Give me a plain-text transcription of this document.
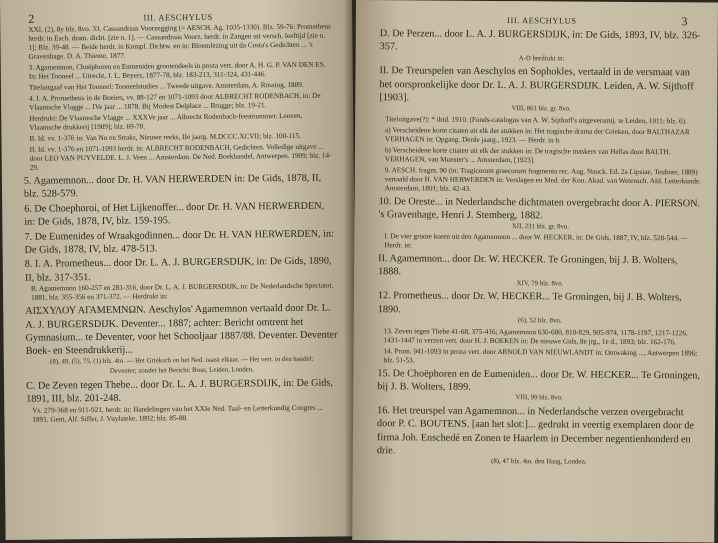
2	III. AESCHYLUS

XXI, (2), 8y blz. 8vo. 33. Cassandraas Voorzegging (= AESCH. Ag. 1035-1330). Blz. 59-76: Prometheus herdr. in Esch. dram. dicht. [zie n. 1]. — Cassandraas Voorz. herdr. in Zangen uit versch. leeftijd [zie n. 1]; Blz. 39-48. — Beide herdr. in Kompl. Dichtw. en in: Bloemlezing uit da Costa's Gedichten ... 's Gravenhage. D. A. Thieme, 1877.

3. Agamemnon, Choëphoren en Eumeniden grootendeels in proza vert. door A. H. G. P. VAN DEN ES. In: Het Tooneel ... Utrecht, J. L. Beyers, 1877-78, blz. 183-213, 311-324, 431-446.

Titeluitgaaf van Het Tooneel: Tooneelstudies ... Tweede uitgave. Amsterdam, A. Rössing, 1889.

4. I. A. Prometheus in de Boeien, vv. 88-127 en 1071-1093 door ALBRECHT RODENBACH, in: De Vlaamsche Vlagge ... IVe jaar ... 1878. Bij Modest Delplace ... Brugge; blz. 19-21.

Herdrukt: De Vlaamsche Vlagge ... XXXVe jaar ... Albrecht Rodenbach-feestnummer. Leuven, Vlaamsche drukkerij [1909]; blz. 69-70.

B. Id. vv. 1-376 in: Van Nu en Straks, Nieuwe reeks, IIe jaarg. M.DCCC.XCVII; blz. 100-115.

II. Id. vv. 1-376 en 1071-1093 herdr. in: ALBRECHT RODENBACH, Gedichten. Volledige uitgave ... door LEO VAN PUYVELDE. L. J. Veen ... Amsterdam. De Ned. Boekhandel, Antwerpen. 1909; blz. 14-29.

5. Agamemnon... door Dr. H. VAN HERWERDEN in: De Gids, 1878, II, blz. 528-579.

6. De Choephoroi, of Het Lijkenoffer... door Dr. H. VAN HERWERDEN, in: De Gids, 1878, IV, blz. 159-195.

7. De Eumenides of Wraakgodinnen... door Dr. H. VAN HERWERDEN, in: De Gids, 1878, IV, blz. 478-513.

8. I. A. Prometheus... door Dr. L. A. J. BURGERSDIJK, in: De Gids, 1890, II, blz. 317-351.

B. Agamemnon 160-257 en 281-316, door Dr. L. A. J. BURGERSDIJK, in: De Nederlandsche Spectator, 1881, blz. 355-356 en 371-372. — Herdrukt in:

ΑΙΣΧΥΛΟΥ ΑΓΑΜΕΜΝΩΝ. Aeschylos' Agamemnon vertaald door Dr. L. A. J. BURGERSDIJK. Deventer... 1887; achter: Bericht omtrent het Gymnasium... te Deventer, voor het Schooljaar 1887/88. Deventer. Deventer Boek- en Steendrukkerij...

(8), 49, (5), 75, (1) blz. 4to. — Het Grieksch en het Ned. naast elkaar. — Het vert. in den handel:

Deventer; zonder het Bericht: Boas, Leiden, Londen.

C. De Zeven tegen Thebe... door Dr. L. A. J. BURGERSDIJK, in: De Gids, 1891, III, blz. 201-248.

Vs. 279-368 en 911-921, herdr. in: Handelingen van het XXIe Ned. Taal- en Letterkundig Congres ... 1891. Gent, Alf. Siffer, J. Vuylsteke, 1892; blz. 85-88.

III. AESCHYLUS	3

D. De Perzen... door L. A. J. BURGERSDIJK, in: De Gids, 1893, IV, blz. 326-357.

A-D herdrukt in:

II. De Treurspelen van Aeschylos en Sophokles, vertaald in de versmaat van het oorspronkelijke door Dr. L. A. J. BURGERSDIJK. Leiden, A. W. Sijthoff [1903].

VIII, 861 blz. gr. 8vo.

Titeluitgave(?): * ibid. 1910. (Fonds-catalogus van A. W. Sijthoff's uitgeversmij. te Leiden, 1911; blz. 6).

a) Verscheidene korte citaten uit elk der stukken in: Het tragische drama der Grieken, door BALTHAZAR VERHAGEN in: Opgang. Derde jaarg., 1923. — Herdr. in b.

b) Verscheidene korte citaten uit elk der stukken in: De tragische maskers van Hellas door BALTH. VERHAGEN, van Munster's ... Amsterdam, [1923].

9. AESCH. fragm. 90 (in: Tragicorum graecorum fragmenta rec. Aug. Nauck. Ed. 2a Lipsiae, Teubner, 1889) vertaald door H. VAN HERWERDEN in: Verslagen en Med. der Kon. Akad. van Wetensch. Afd. Letterkunde. Amsterdam, 1891; blz. 42-43.

10. De Oreste... in Nederlandsche dichtmaten overgebracht door A. PIERSON. 's Gravenhage, Henri J. Stemberg, 1882.

XII, 231 blz. gr. 8vo.

I. De vier groote koren uit den Agamemnon ... door W. HECKER, in: De Gids, 1887, IV, blz. 528-544. — Herdr. in:

II. Agamemnon... door Dr. W. HECKER. Te Groningen, bij J. B. Wolters, 1888.

XIV, 79 blz. 8vo.

12. Prometheus... door Dr. W. HECKER... Te Groningen, bij J. B. Wolters, 1890.

(6), 52 blz. 8vo.

13. Zeven tegen Thebe 41-68, 375-416; Agamemnon 630-680, 810-829, 905-974, 1178-1197, 1217-1226, 1431-1447 in verzen vert. door H. J. BOEKEN in: De nieuwe Gids, 8e jrg., 1e d., 1893; blz. 162-176.

14. Prom. 941-1093 in proza vert. door ARNOLD VAN NIEUWLANDT in: Ontwaking ..., Antwerpen 1896; blz. 51-53.

15. De Choëphoren en de Eumeniden... door Dr. W. HECKER... Te Groningen, bij J. B. Wolters, 1899.

VIII, 99 blz. 8vo.

16. Het treurspel van Agamemnon... in Nederlandsche verzen overgebracht door P. C. BOUTENS. [aan het slot:]... gedrukt in veertig exemplaren door de firma Joh. Enschedé en Zonen te Haarlem in December negentienhonderd en drie.

(8), 47 blz. 4to. den Haag, Londen.
